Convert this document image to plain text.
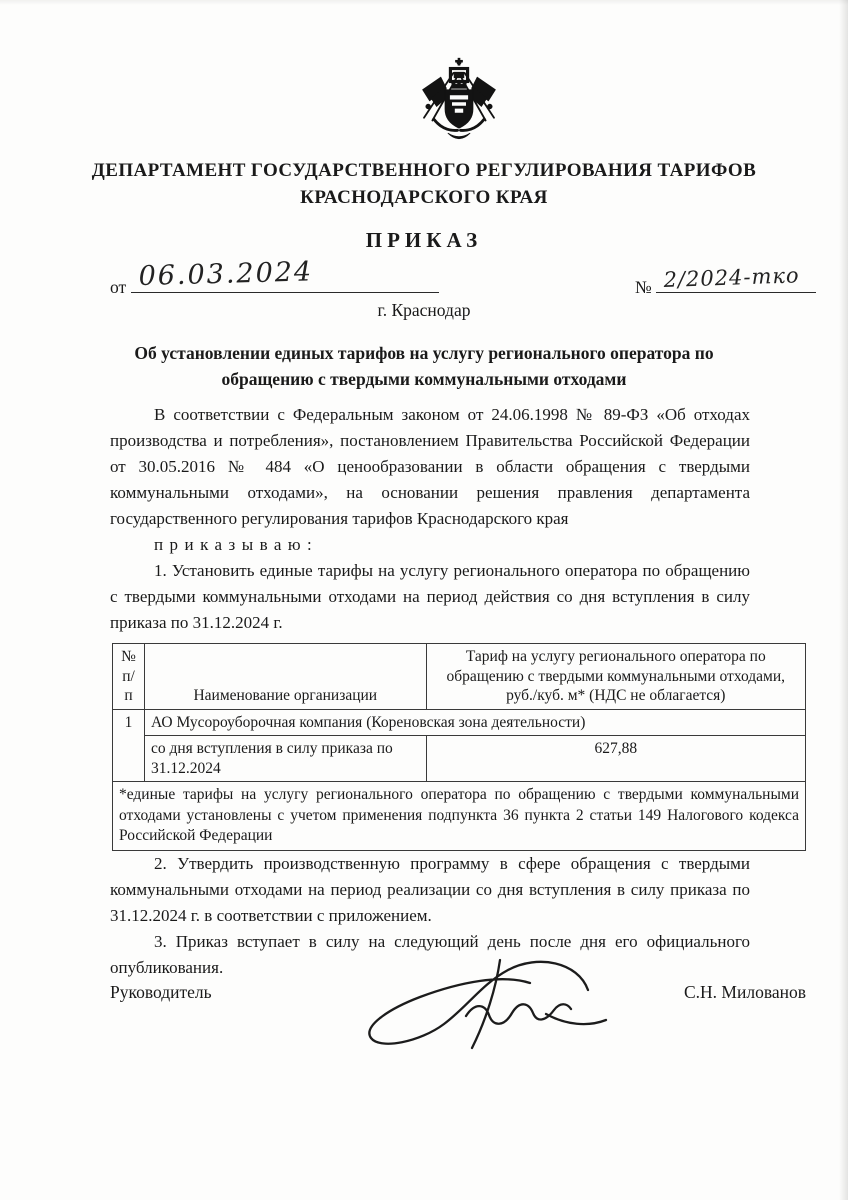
ДЕПАРТАМЕНТ ГОСУДАРСТВЕННОГО РЕГУЛИРОВАНИЯ ТАРИФОВ
КРАСНОДАРСКОГО КРАЯ
ПРИКАЗ
от 06.03.2024	№ 2/2024-тко
г. Краснодар
Об установлении единых тарифов на услугу регионального оператора по обращению с твердыми коммунальными отходами

В соответствии с Федеральным законом от 24.06.1998 № 89-ФЗ «Об отходах производства и потребления», постановлением Правительства Российской Федерации от 30.05.2016 № 484 «О ценообразовании в области обращения с твердыми коммунальными отходами», на основании решения правления департамента государственного регулирования тарифов Краснодарского края

приказываю:

1. Установить единые тарифы на услугу регионального оператора по обращению с твердыми коммунальными отходами на период действия со дня вступления в силу приказа по 31.12.2024 г.

№ п/п	Наименование организации	Тариф на услугу регионального оператора по обращению с твердыми коммунальными отходами, руб./куб. м* (НДС не облагается)
1	АО Мусороуборочная компания (Кореновская зона деятельности)	
	со дня вступления в силу приказа по 31.12.2024	627,88
*единые тарифы на услугу регионального оператора по обращению с твердыми коммунальными отходами установлены с учетом применения подпункта 36 пункта 2 статьи 149 Налогового кодекса Российской Федерации		

2. Утвердить производственную программу в сфере обращения с твердыми коммунальными отходами на период реализации со дня вступления в силу приказа по 31.12.2024 г. в соответствии с приложением.

3. Приказ вступает в силу на следующий день после дня его официального опубликования.

Руководитель	С.Н. Милованов
